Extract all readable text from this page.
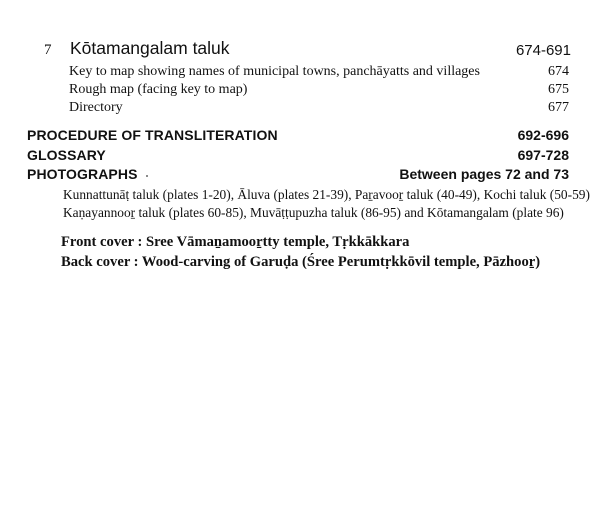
7 Kōtamangalam taluk	674-691
Key to map showing names of municipal towns, panchāyatts and villages	674
Rough map (facing key to map)	675
Directory	677
PROCEDURE OF TRANSLITERATION	692-696
GLOSSARY	697-728
PHOTOGRAPHS	Between pages 72 and 73
Kunnattunāṭ taluk (plates 1-20), Āluva (plates 21-39), Paṟavooṟ taluk (40-49), Kochi taluk (50-59)
Kaṇayannooṟ taluk (plates 60-85), Muvāṭṭupuzha taluk (86-95) and Kōtamangalam (plate 96)
Front cover : Sree Vāmaṉamooṟtty temple, Tṛkkākkara
Back cover : Wood-carving of Garuḍa (Śree Perumtṛkkōvil temple, Pāzhooṟ)
